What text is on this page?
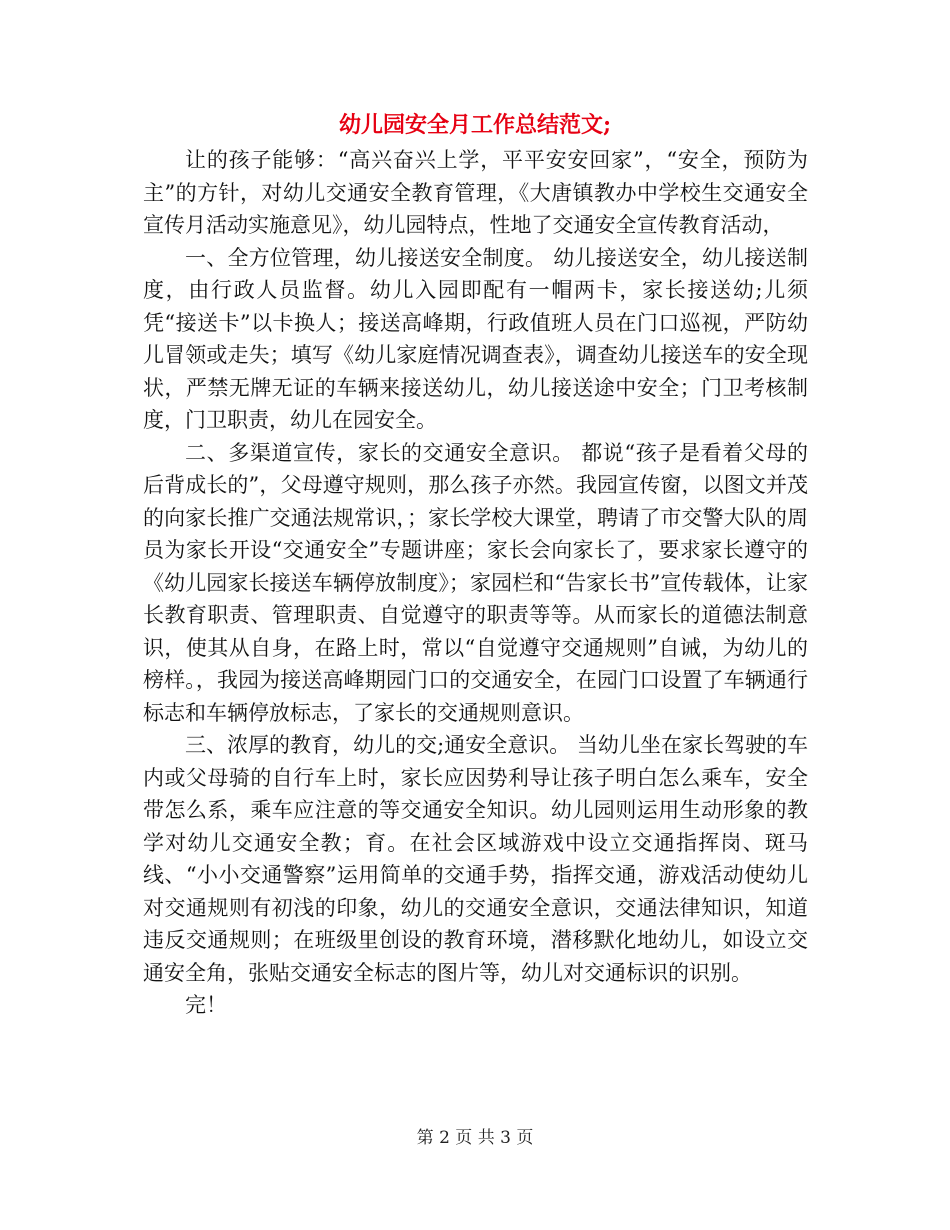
幼儿园安全月工作总结范文;

让的孩子能够：“高兴奋兴上学，平平安安回家”，“安全，预防为主”的方针，对幼儿交通安全教育管理，《大唐镇教办中学校生交通安全宣传月活动实施意见》，幼儿园特点，性地了交通安全宣传教育活动，

一、全方位管理，幼儿接送安全制度。 幼儿接送安全，幼儿接送制度，由行政人员监督。幼儿入园即配有一帽两卡，家长接送幼;儿须凭“接送卡”以卡换人；接送高峰期，行政值班人员在门口巡视，严防幼儿冒领或走失；填写《幼儿家庭情况调查表》，调查幼儿接送车的安全现状，严禁无牌无证的车辆来接送幼儿，幼儿接送途中安全；门卫考核制度，门卫职责，幼儿在园安全。

二、多渠道宣传，家长的交通安全意识。 都说“孩子是看着父母的后背成长的”，父母遵守规则，那么孩子亦然。我园宣传窗，以图文并茂的向家长推广交通法规常识，；家长学校大课堂，聘请了市交警大队的周员为家长开设“交通安全”专题讲座；家长会向家长了，要求家长遵守的《幼儿园家长接送车辆停放制度》；家园栏和“告家长书”宣传载体，让家长教育职责、管理职责、自觉遵守的职责等等。从而家长的道德法制意识，使其从自身，在路上时，常以“自觉遵守交通规则”自诫，为幼儿的榜样。，我园为接送高峰期园门口的交通安全，在园门口设置了车辆通行标志和车辆停放标志，了家长的交通规则意识。

三、浓厚的教育，幼儿的交;通安全意识。 当幼儿坐在家长驾驶的车内或父母骑的自行车上时，家长应因势利导让孩子明白怎么乘车，安全带怎么系，乘车应注意的等交通安全知识。幼儿园则运用生动形象的教学对幼儿交通安全教；育。在社会区域游戏中设立交通指挥岗、斑马线、“小小交通警察”运用简单的交通手势，指挥交通，游戏活动使幼儿对交通规则有初浅的印象，幼儿的交通安全意识，交通法律知识，知道违反交通规则；在班级里创设的教育环境，潜移默化地幼儿，如设立交通安全角，张贴交通安全标志的图片等，幼儿对交通标识的识别。

完！

第 2 页 共 3 页
